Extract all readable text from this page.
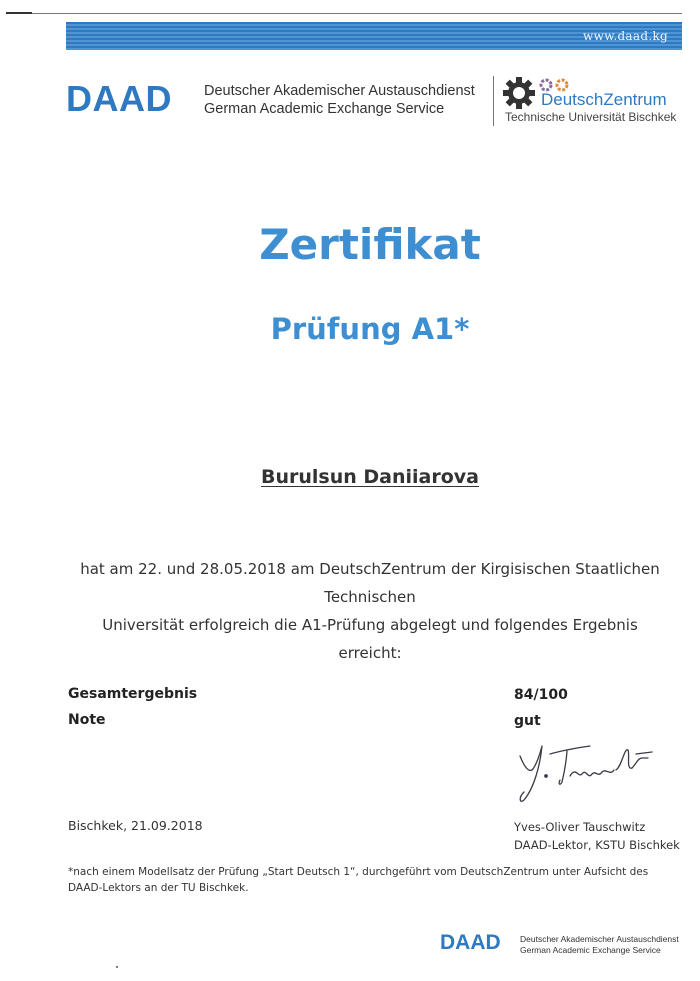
www.daad.kg
DAAD Deutscher Akademischer Austauschdienst
German Academic Exchange Service	DeutschZentrum
Technische Universität Bischkek
Zertifikat
Prüfung A1*
Burulsun Daniiarova
hat am 22. und 28.05.2018 am DeutschZentrum der Kirgisischen Staatlichen Technischen
Universität erfolgreich die A1-Prüfung abgelegt und folgendes Ergebnis erreicht:
Gesamtergebnis
Note
84/100
gut
Bischkek, 21.09.2018	Yves-Oliver Tauschwitz
DAAD-Lektor, KSTU Bischkek
*nach einem Modellsatz der Prüfung „Start Deutsch 1“, durchgeführt vom DeutschZentrum unter Aufsicht des DAAD-Lektors an der TU Bischkek.
DAAD Deutscher Akademischer Austauschdienst
German Academic Exchange Service
